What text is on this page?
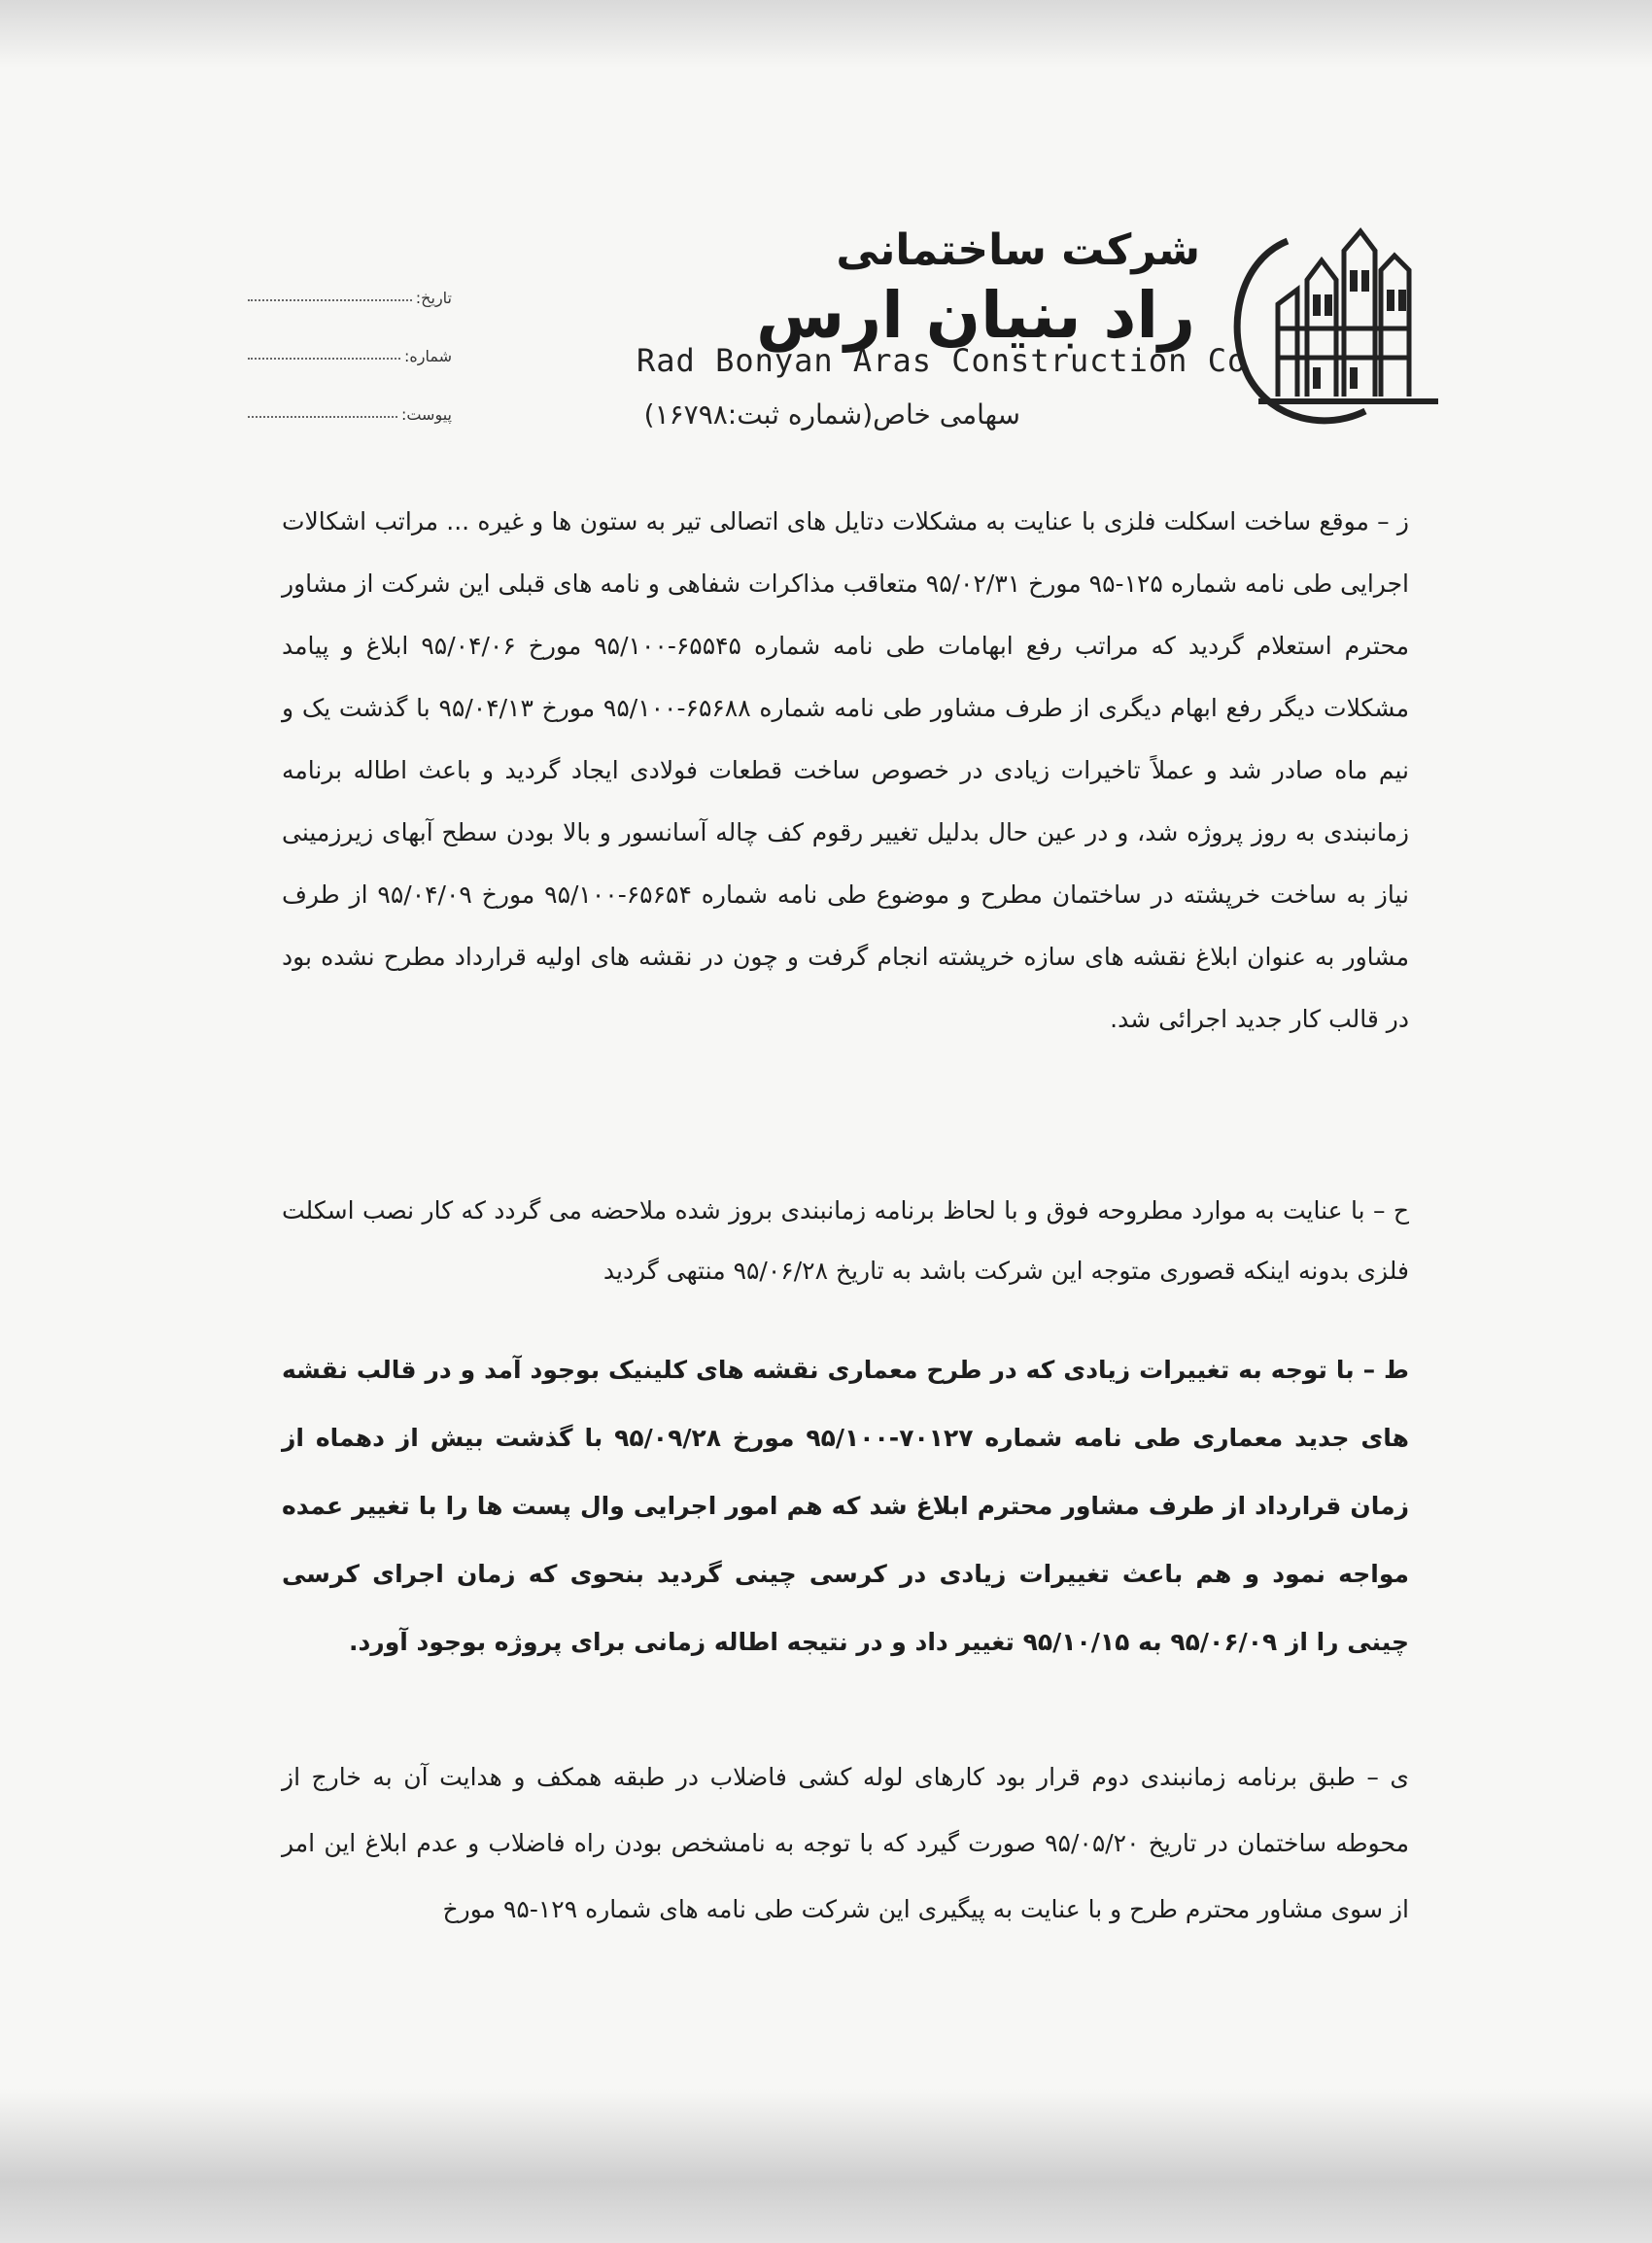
تاریخ:
شماره:
پیوست:
شرکت ساختمانی
راد بنیان ارس
Rad Bonyan Aras Construction Co
سهامی خاص(شماره ثبت:۱۶۷۹۸)
ز – موقع ساخت اسکلت فلزی با عنایت به مشکلات دتایل های اتصالی تیر به ستون ها و غیره ... مراتب اشکالات اجرایی طی نامه شماره ۱۲۵-۹۵ مورخ ۹۵/۰۲/۳۱ متعاقب مذاکرات شفاهی و نامه های قبلی این شرکت از مشاور محترم استعلام گردید که مراتب رفع ابهامات طی نامه شماره ۶۵۵۴۵-۹۵/۱۰۰ مورخ ۹۵/۰۴/۰۶ ابلاغ و پیامد مشکلات دیگر رفع ابهام دیگری از طرف مشاور طی نامه شماره ۶۵۶۸۸-۹۵/۱۰۰ مورخ ۹۵/۰۴/۱۳ با گذشت یک و نیم ماه صادر شد و عملاً تاخیرات زیادی در خصوص ساخت قطعات فولادی ایجاد گردید و باعث اطاله برنامه زمانبندی به روز پروژه شد، و در عین حال بدلیل تغییر رقوم کف چاله آسانسور و بالا بودن سطح آبهای زیرزمینی نیاز به ساخت خرپشته در ساختمان مطرح و موضوع طی نامه شماره ۶۵۶۵۴-۹۵/۱۰۰ مورخ ۹۵/۰۴/۰۹ از طرف مشاور به عنوان ابلاغ نقشه های سازه خرپشته انجام گرفت و چون در نقشه های اولیه قرارداد مطرح نشده بود در قالب کار جدید اجرائی شد.
ح – با عنایت به موارد مطروحه فوق و با لحاظ برنامه زمانبندی بروز شده ملاحضه می گردد که کار نصب اسکلت فلزی بدونه اینکه قصوری متوجه این شرکت باشد به تاریخ ۹۵/۰۶/۲۸ منتهی گردید
ط – با توجه به تغییرات زیادی که در طرح معماری نقشه های کلینیک بوجود آمد و در قالب نقشه های جدید معماری طی نامه شماره ۷۰۱۲۷-۹۵/۱۰۰ مورخ ۹۵/۰۹/۲۸ با گذشت بیش از دهماه از زمان قرارداد از طرف مشاور محترم ابلاغ شد که هم امور اجرایی وال پست ها را با تغییر عمده مواجه نمود و هم باعث تغییرات زیادی در کرسی چینی گردید بنحوی که زمان اجرای کرسی چینی را از ۹۵/۰۶/۰۹ به ۹۵/۱۰/۱۵ تغییر داد و در نتیجه اطاله زمانی برای پروژه بوجود آورد.
ی – طبق برنامه زمانبندی دوم قرار بود کارهای لوله کشی فاضلاب در طبقه همکف و هدایت آن به خارج از محوطه ساختمان در تاریخ ۹۵/۰۵/۲۰ صورت گیرد که با توجه به نامشخص بودن راه فاضلاب و عدم ابلاغ این امر از سوی مشاور محترم طرح و با عنایت به پیگیری این شرکت طی نامه های شماره ۱۲۹-۹۵ مورخ
